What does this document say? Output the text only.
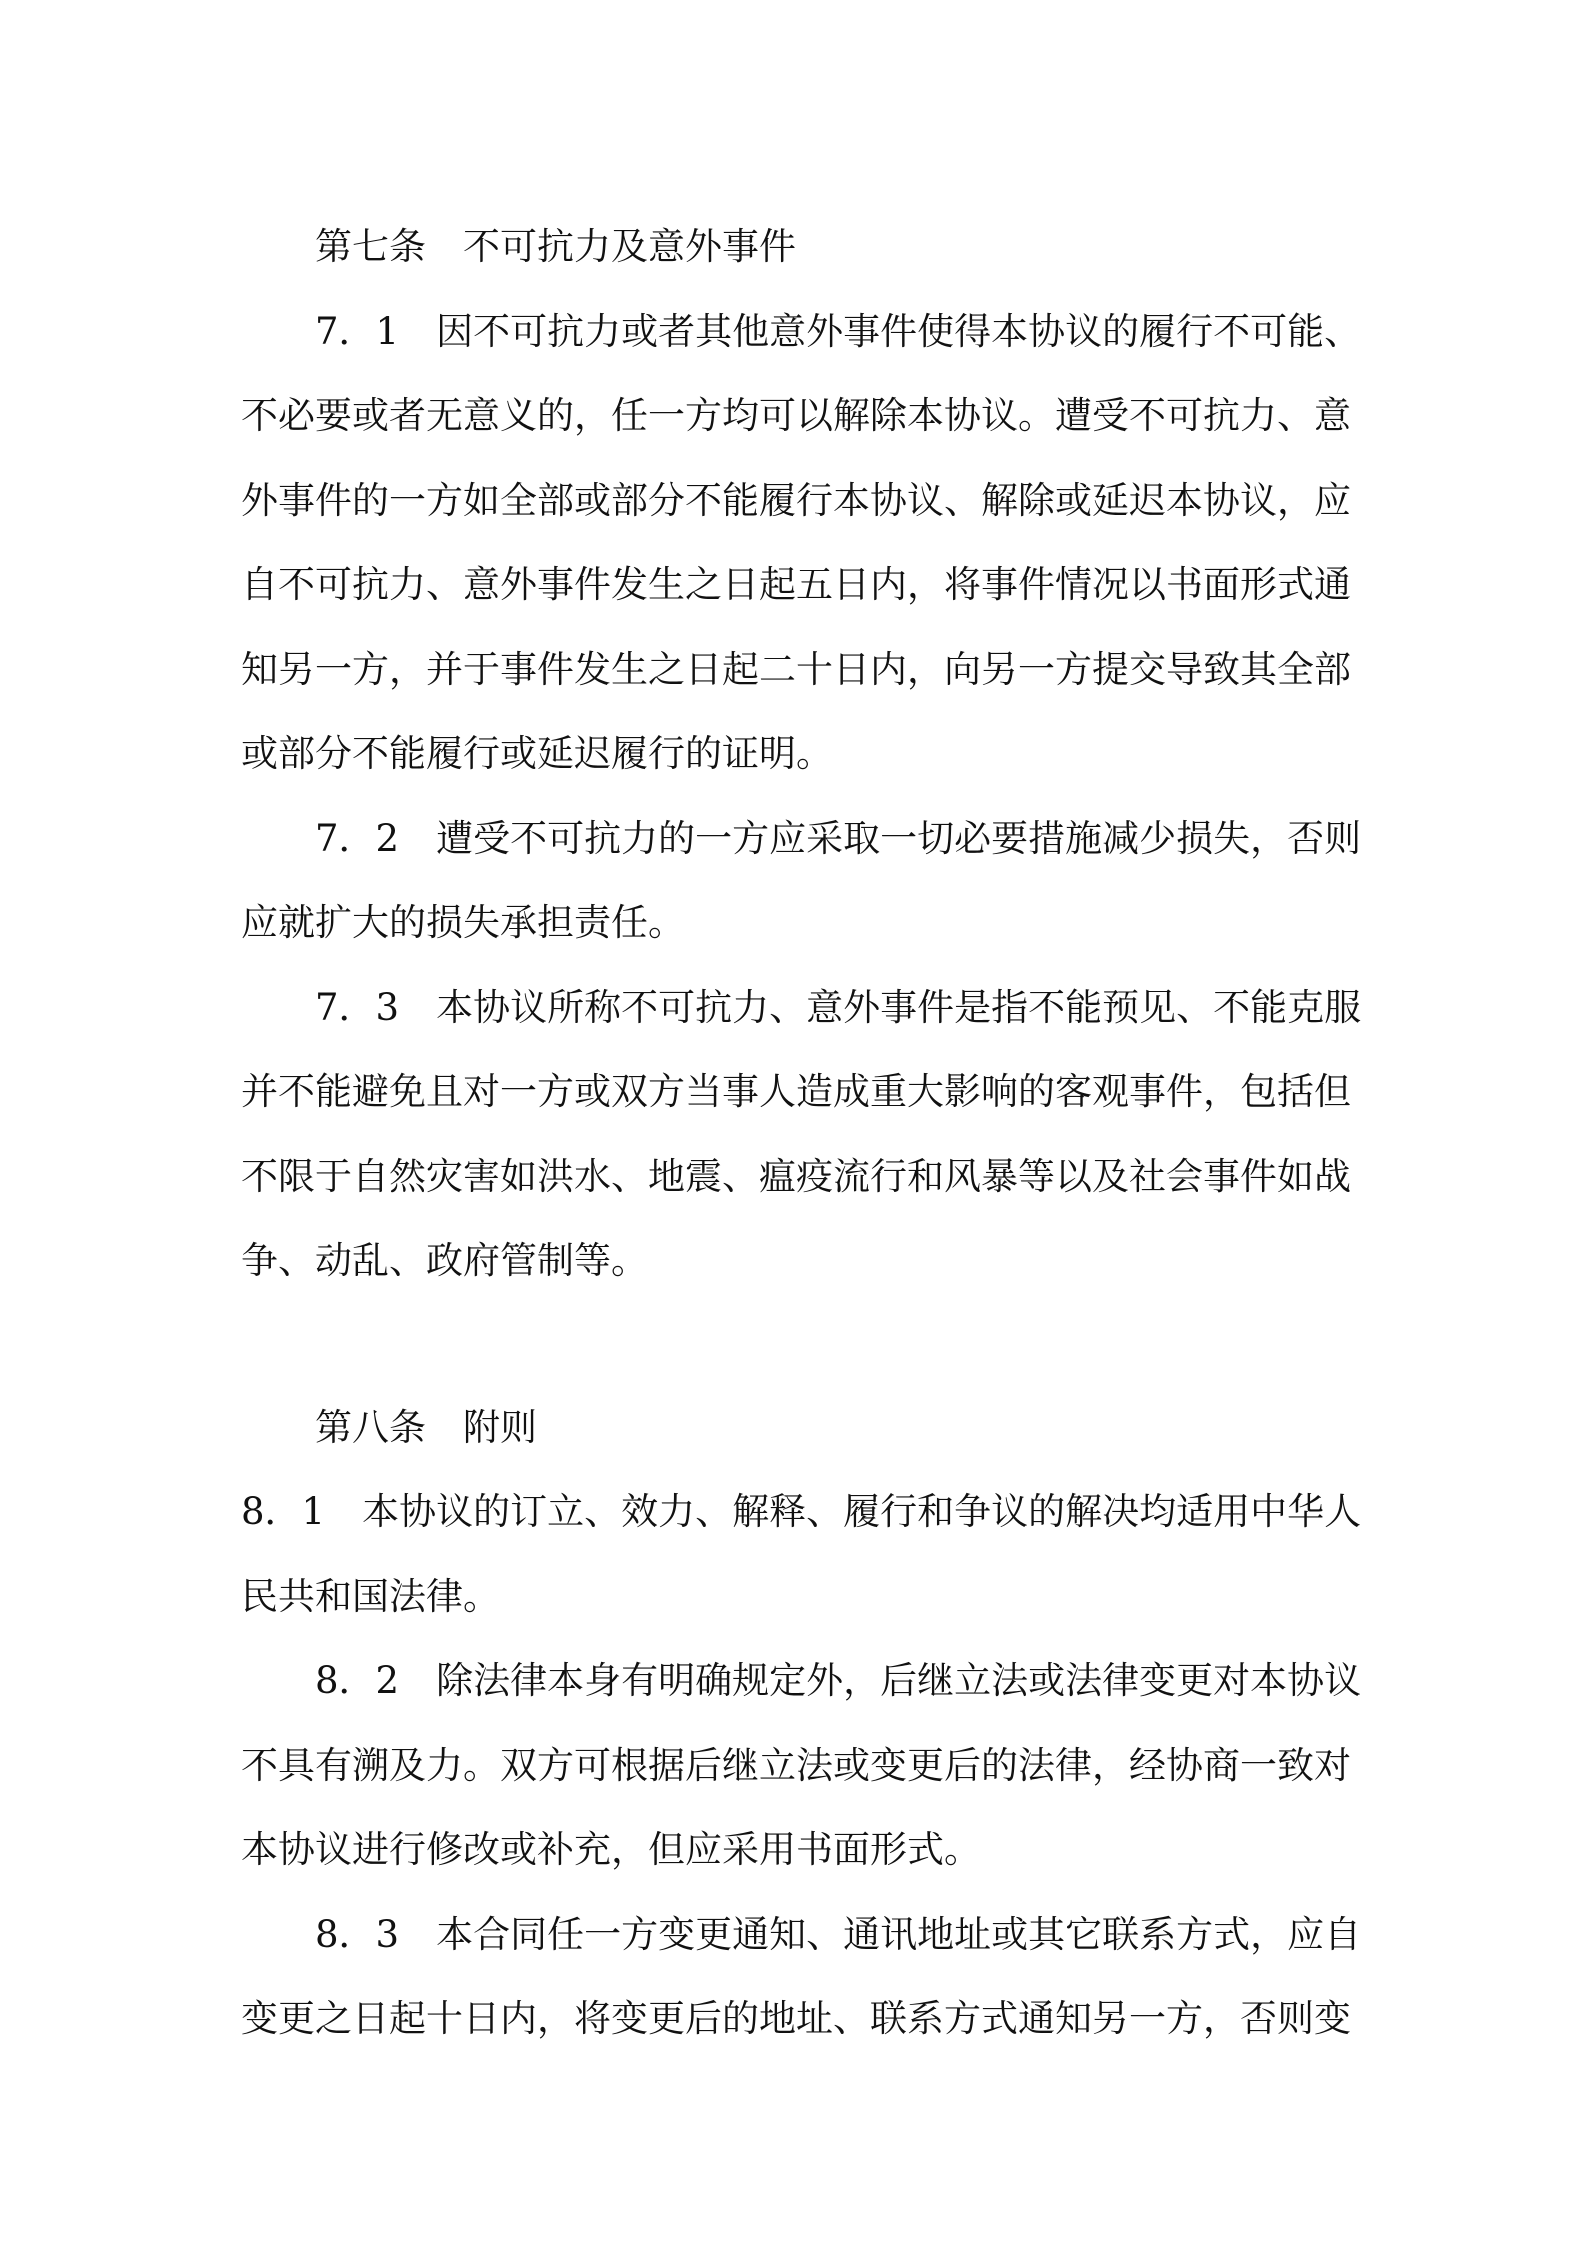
第七条　不可抗力及意外事件

7．1　因不可抗力或者其他意外事件使得本协议的履行不可能、

不必要或者无意义的，任一方均可以解除本协议。遭受不可抗力、意

外事件的一方如全部或部分不能履行本协议、解除或延迟本协议，应

自不可抗力、意外事件发生之日起五日内，将事件情况以书面形式通

知另一方，并于事件发生之日起二十日内，向另一方提交导致其全部

或部分不能履行或延迟履行的证明。

7．2　遭受不可抗力的一方应采取一切必要措施减少损失，否则

应就扩大的损失承担责任。

7．3　本协议所称不可抗力、意外事件是指不能预见、不能克服

并不能避免且对一方或双方当事人造成重大影响的客观事件，包括但

不限于自然灾害如洪水、地震、瘟疫流行和风暴等以及社会事件如战

争、动乱、政府管制等。

第八条　附则

8．1　本协议的订立、效力、解释、履行和争议的解决均适用中华人

民共和国法律。

8．2　除法律本身有明确规定外，后继立法或法律变更对本协议

不具有溯及力。双方可根据后继立法或变更后的法律，经协商一致对

本协议进行修改或补充，但应采用书面形式。

8．3　本合同任一方变更通知、通讯地址或其它联系方式，应自

变更之日起十日内，将变更后的地址、联系方式通知另一方，否则变
